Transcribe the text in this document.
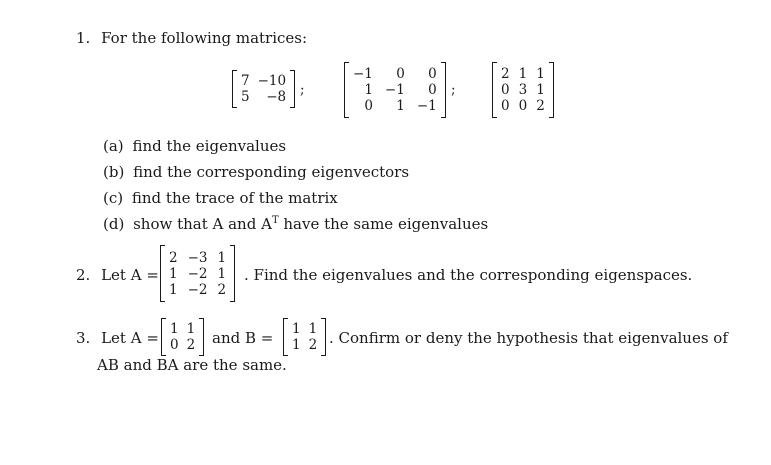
1. For the following matrices:
7 −10
5	−8 ;
−1	0	0
1 −1	0
0	1 −1
;
2 1 1
0 3 1
0 0 2
(a) find the eigenvalues
(b) find the corresponding eigenvectors
(c) find the trace of the matrix
(d) show that A and $A^T$ have the same eigenvalues
2. Let A =
2 −3 1
1 −2 1
1 −2 2
. Find the eigenvalues and the corresponding eigenspaces.
3. Let A = 1 1
0 2 and B = 1 1
1 2 . Confirm or deny the hypothesis that eigenvalues of
AB and BA are the same.
